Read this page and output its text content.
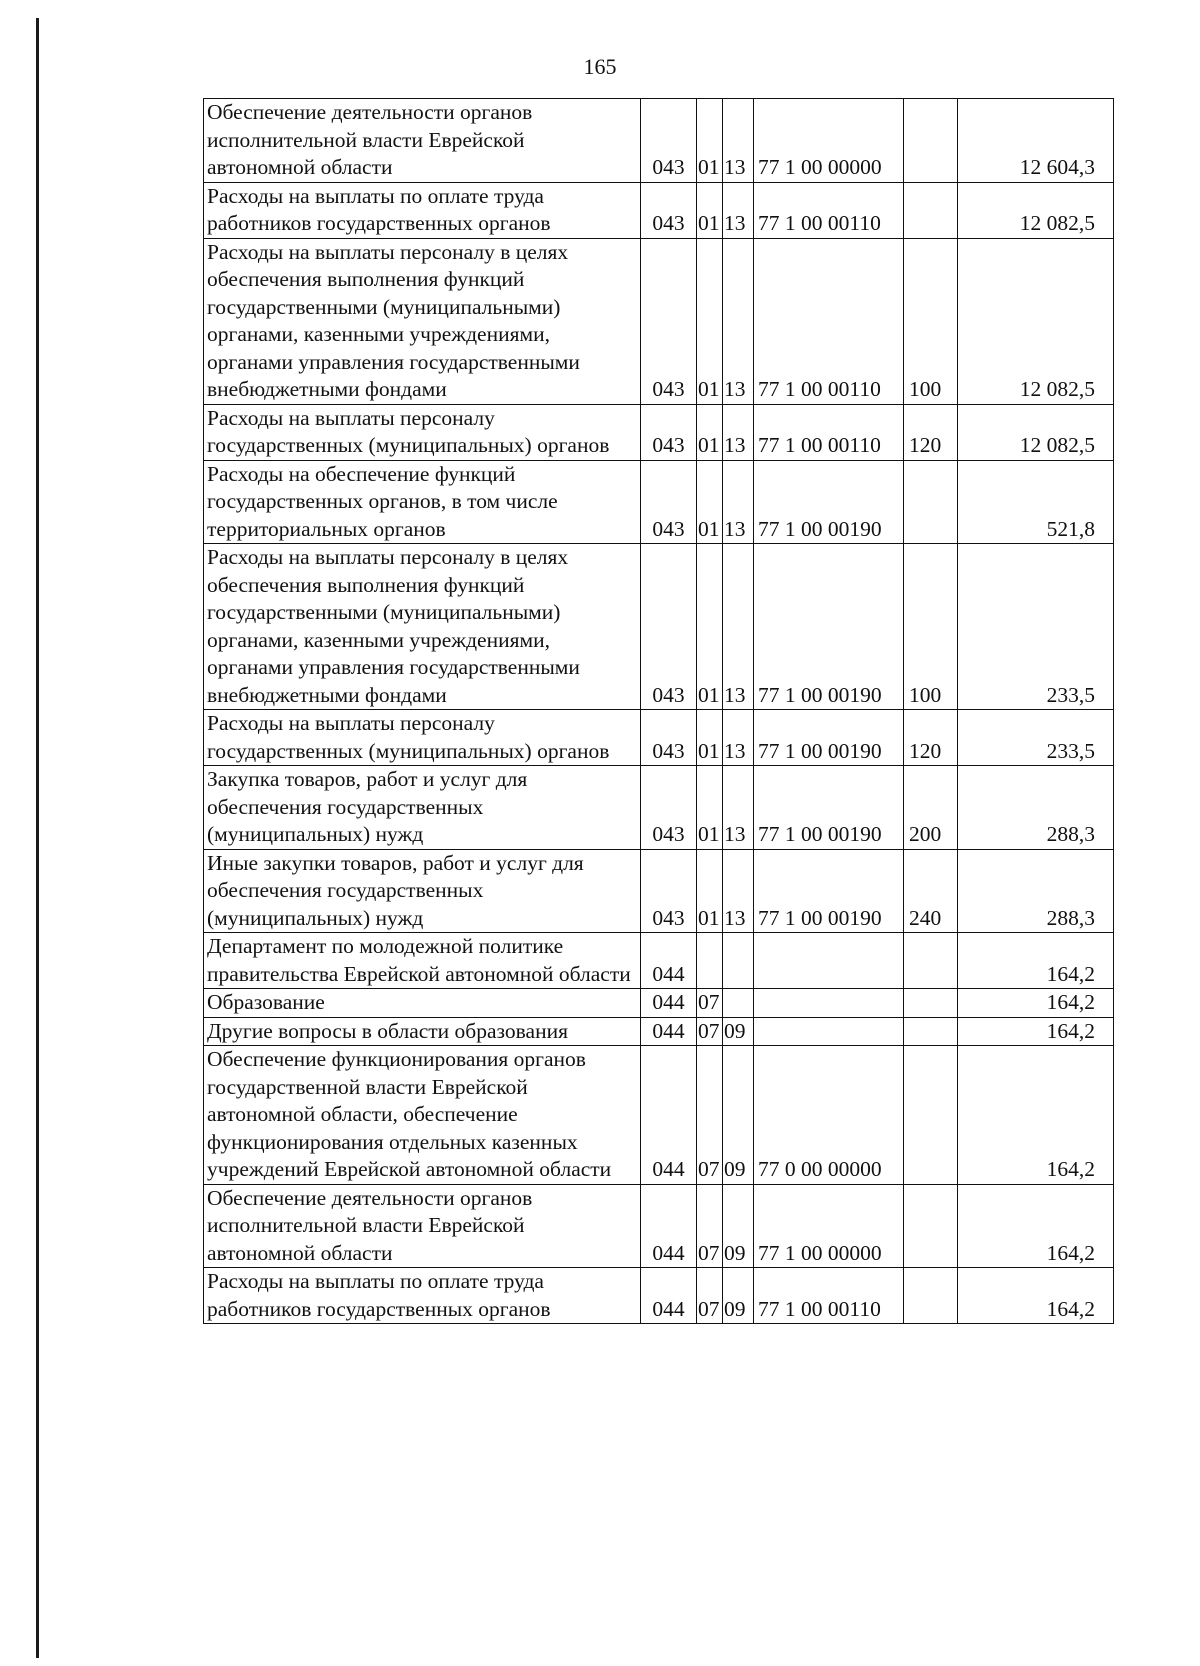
165
Обеспечение деятельности органов исполнительной власти Еврейской автономной области	043	01	13	77 1 00 00000		12 604,3
Расходы на выплаты по оплате труда работников государственных органов	043	01	13	77 1 00 00110		12 082,5
Расходы на выплаты персоналу в целях обеспечения выполнения функций государственными (муниципальными) органами, казенными учреждениями, органами управления государственными внебюджетными фондами	043	01	13	77 1 00 00110	100	12 082,5
Расходы на выплаты персоналу государственных (муниципальных) органов	043	01	13	77 1 00 00110	120	12 082,5
Расходы на обеспечение функций государственных органов, в том числе территориальных органов	043	01	13	77 1 00 00190		521,8
Расходы на выплаты персоналу в целях обеспечения выполнения функций государственными (муниципальными) органами, казенными учреждениями, органами управления государственными внебюджетными фондами	043	01	13	77 1 00 00190	100	233,5
Расходы на выплаты персоналу государственных (муниципальных) органов	043	01	13	77 1 00 00190	120	233,5
Закупка товаров, работ и услуг для обеспечения государственных (муниципальных) нужд	043	01	13	77 1 00 00190	200	288,3
Иные закупки товаров, работ и услуг для обеспечения государственных (муниципальных) нужд	043	01	13	77 1 00 00190	240	288,3
Департамент по молодежной политике правительства Еврейской автономной области	044					164,2
Образование	044	07				164,2
Другие вопросы в области образования	044	07	09			164,2
Обеспечение функционирования органов государственной власти Еврейской автономной области, обеспечение функционирования отдельных казенных учреждений Еврейской автономной области	044	07	09	77 0 00 00000		164,2
Обеспечение деятельности органов исполнительной власти Еврейской автономной области	044	07	09	77 1 00 00000		164,2
Расходы на выплаты по оплате труда работников государственных органов	044	07	09	77 1 00 00110		164,2
